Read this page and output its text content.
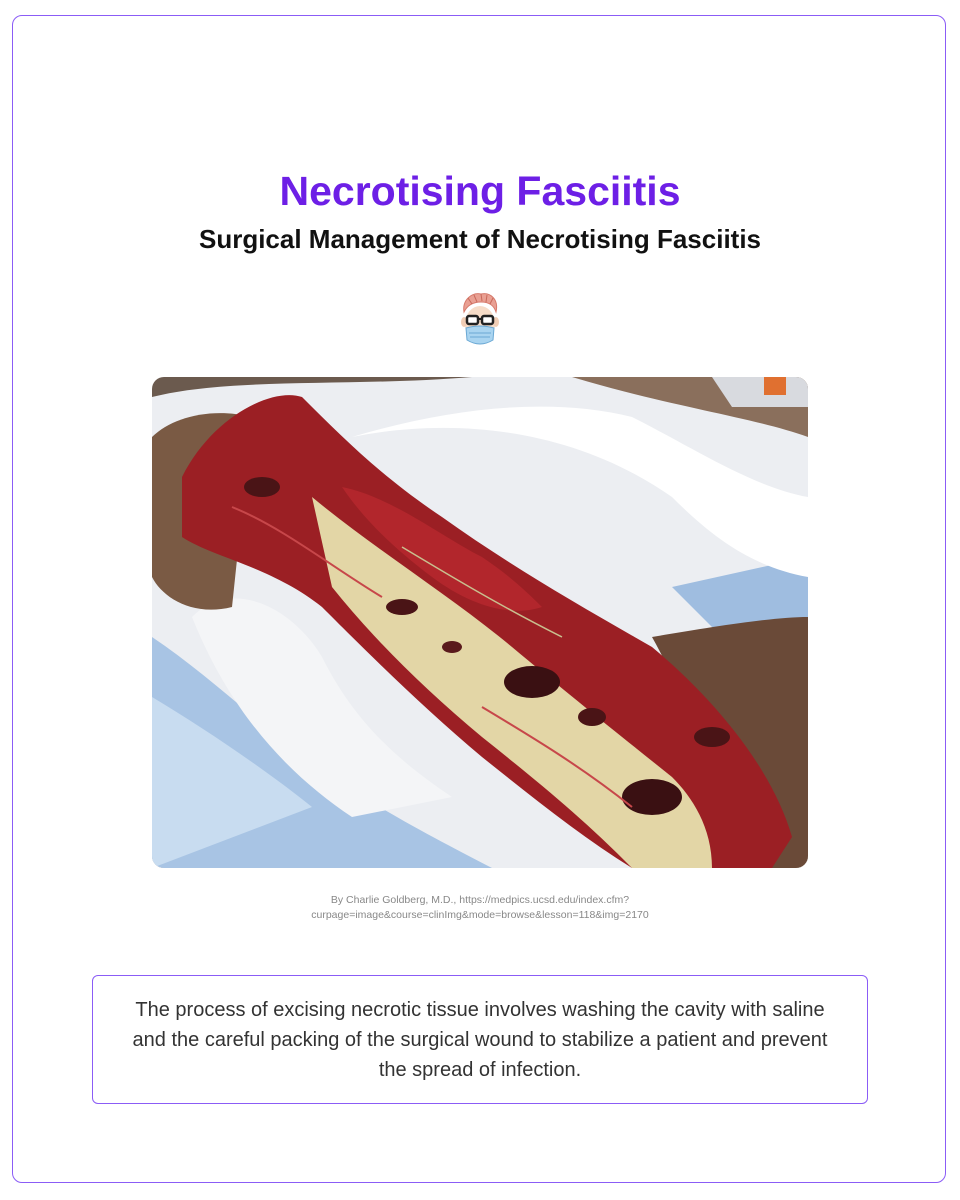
Necrotising Fasciitis
Surgical Management of Necrotising Fasciitis
By Charlie Goldberg, M.D., https://medpics.ucsd.edu/index.cfm?
curpage=image&course=clinImg&mode=browse&lesson=118&img=2170

The process of excising necrotic tissue involves washing the cavity with saline and the careful packing of the surgical wound to stabilize a patient and prevent the spread of infection.
